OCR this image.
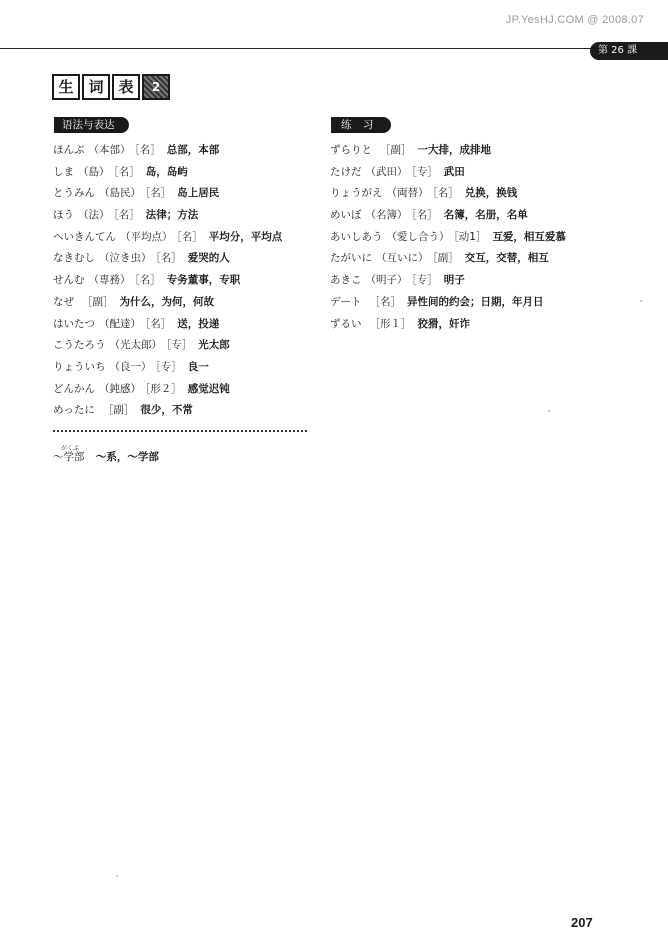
JP.YesHJ.COM @ 2008.07
第 26 課
生 词 表	2
语法与表达	练 习
ほんぶ （本部） ［名］ 总部，本部
しま （島） ［名］ 岛，岛屿
とうみん （島民） ［名］ 岛上居民
ほう （法） ［名］ 法律；方法
へいきんてん （平均点） ［名］ 平均分，平均点
なきむし （泣き虫） ［名］ 爱哭的人
せんむ （専務） ［名］ 专务董事，专职
なぜ ［副］ 为什么，为何，何故
はいたつ （配達） ［名］ 送，投递
こうたろう （光太郎） ［专］ 光太郎
りょういち （良一） ［专］ 良一
どんかん （鈍感） ［形２］ 感觉迟钝
めったに ［副］ 很少，不常
ずらりと ［副］ 一大排，成排地
たけだ （武田） ［专］ 武田
りょうがえ （両替） ［名］ 兑换，换钱
めいぼ （名簿） ［名］ 名簿，名册，名单
あいしあう （愛し合う） ［动1］ 互爱，相互爱慕
たがいに （互いに） ［副］ 交互，交替，相互
あきこ （明子） ［专］ 明子
デート ［名］ 异性间的约会；日期，年月日
ずるい ［形１］ 狡猾，奸诈
がくぶ
～学部 ～系，～学部
207
